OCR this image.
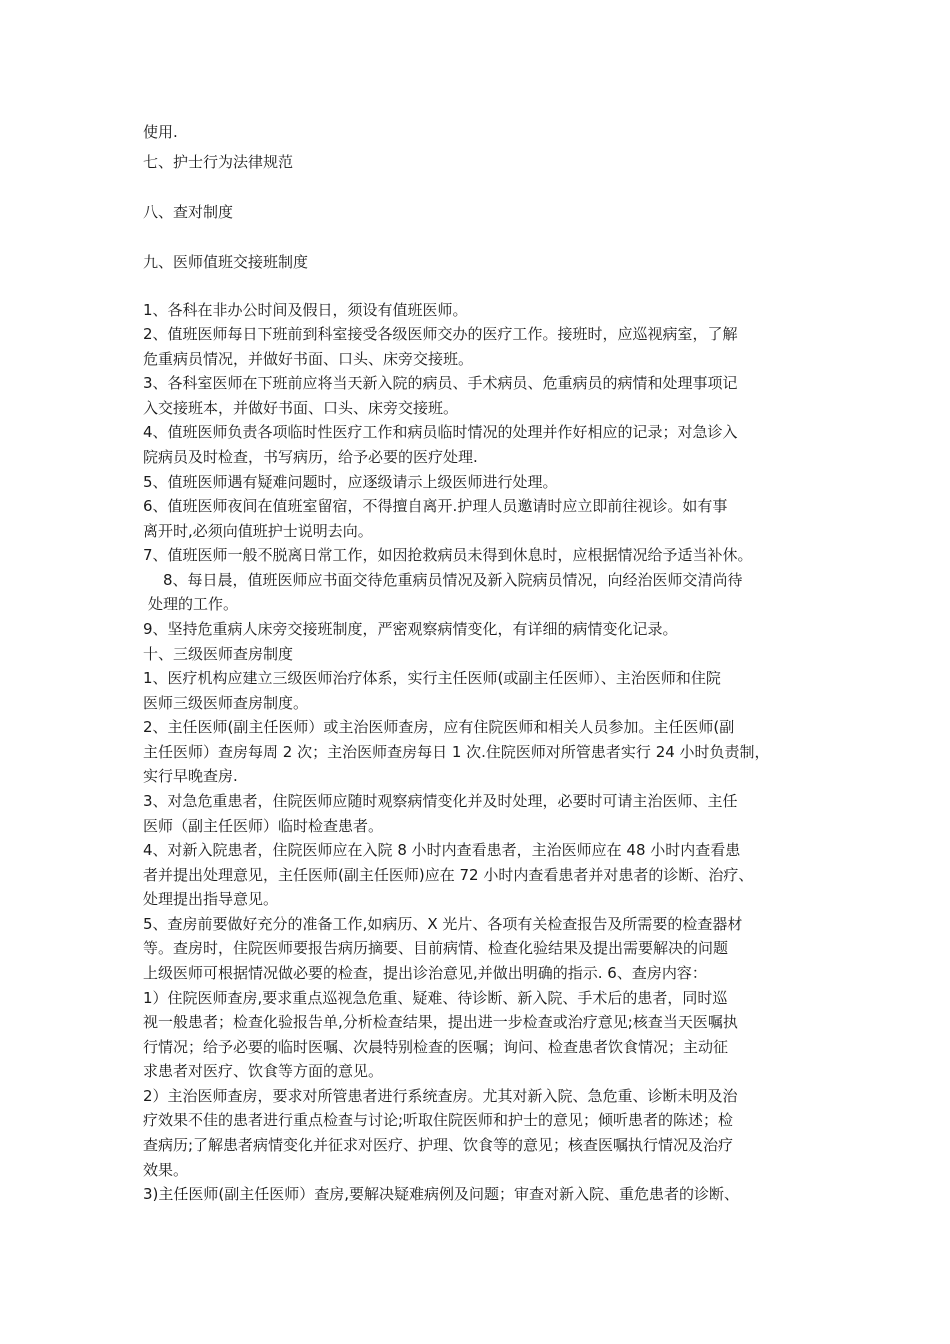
使用.
七、护士行为法律规范
八、查对制度
九、医师值班交接班制度
1、各科在非办公时间及假日，须设有值班医师。
2、值班医师每日下班前到科室接受各级医师交办的医疗工作。接班时，应巡视病室，了解
危重病员情况，并做好书面、口头、床旁交接班。
3、各科室医师在下班前应将当天新入院的病员、手术病员、危重病员的病情和处理事项记
入交接班本，并做好书面、口头、床旁交接班。
4、值班医师负责各项临时性医疗工作和病员临时情况的处理并作好相应的记录；对急诊入
院病员及时检查，书写病历，给予必要的医疗处理.
5、值班医师遇有疑难问题时，应逐级请示上级医师进行处理。
6、值班医师夜间在值班室留宿，不得擅自离开.护理人员邀请时应立即前往视诊。如有事
离开时,必须向值班护士说明去向。
7、值班医师一般不脱离日常工作，如因抢救病员未得到休息时，应根据情况给予适当补休。
8、每日晨，值班医师应书面交待危重病员情况及新入院病员情况，向经治医师交清尚待
处理的工作。
9、坚持危重病人床旁交接班制度，严密观察病情变化，有详细的病情变化记录。
十、三级医师查房制度
1、医疗机构应建立三级医师治疗体系，实行主任医师(或副主任医师）、主治医师和住院
医师三级医师查房制度。
2、主任医师(副主任医师）或主治医师查房，应有住院医师和相关人员参加。主任医师(副
主任医师）查房每周 2 次；主治医师查房每日 1 次.住院医师对所管患者实行 24 小时负责制，
实行早晚查房.
3、对急危重患者，住院医师应随时观察病情变化并及时处理，必要时可请主治医师、主任
医师（副主任医师）临时检查患者。
4、对新入院患者，住院医师应在入院 8 小时内查看患者，主治医师应在 48 小时内查看患
者并提出处理意见，主任医师(副主任医师)应在 72 小时内查看患者并对患者的诊断、治疗、
处理提出指导意见。
5、查房前要做好充分的准备工作,如病历、X 光片、各项有关检查报告及所需要的检查器材
等。查房时，住院医师要报告病历摘要、目前病情、检查化验结果及提出需要解决的问题
上级医师可根据情况做必要的检查，提出诊治意见,并做出明确的指示. 6、查房内容：
1）住院医师查房,要求重点巡视急危重、疑难、待诊断、新入院、手术后的患者，同时巡
视一般患者；检查化验报告单,分析检查结果，提出进一步检查或治疗意见;核查当天医嘱执
行情况；给予必要的临时医嘱、次晨特别检查的医嘱；询问、检查患者饮食情况；主动征
求患者对医疗、饮食等方面的意见。
2）主治医师查房，要求对所管患者进行系统查房。尤其对新入院、急危重、诊断未明及治
疗效果不佳的患者进行重点检查与讨论;听取住院医师和护士的意见；倾听患者的陈述；检
查病历;了解患者病情变化并征求对医疗、护理、饮食等的意见；核查医嘱执行情况及治疗
效果。
3)主任医师(副主任医师）查房,要解决疑难病例及问题；审查对新入院、重危患者的诊断、
